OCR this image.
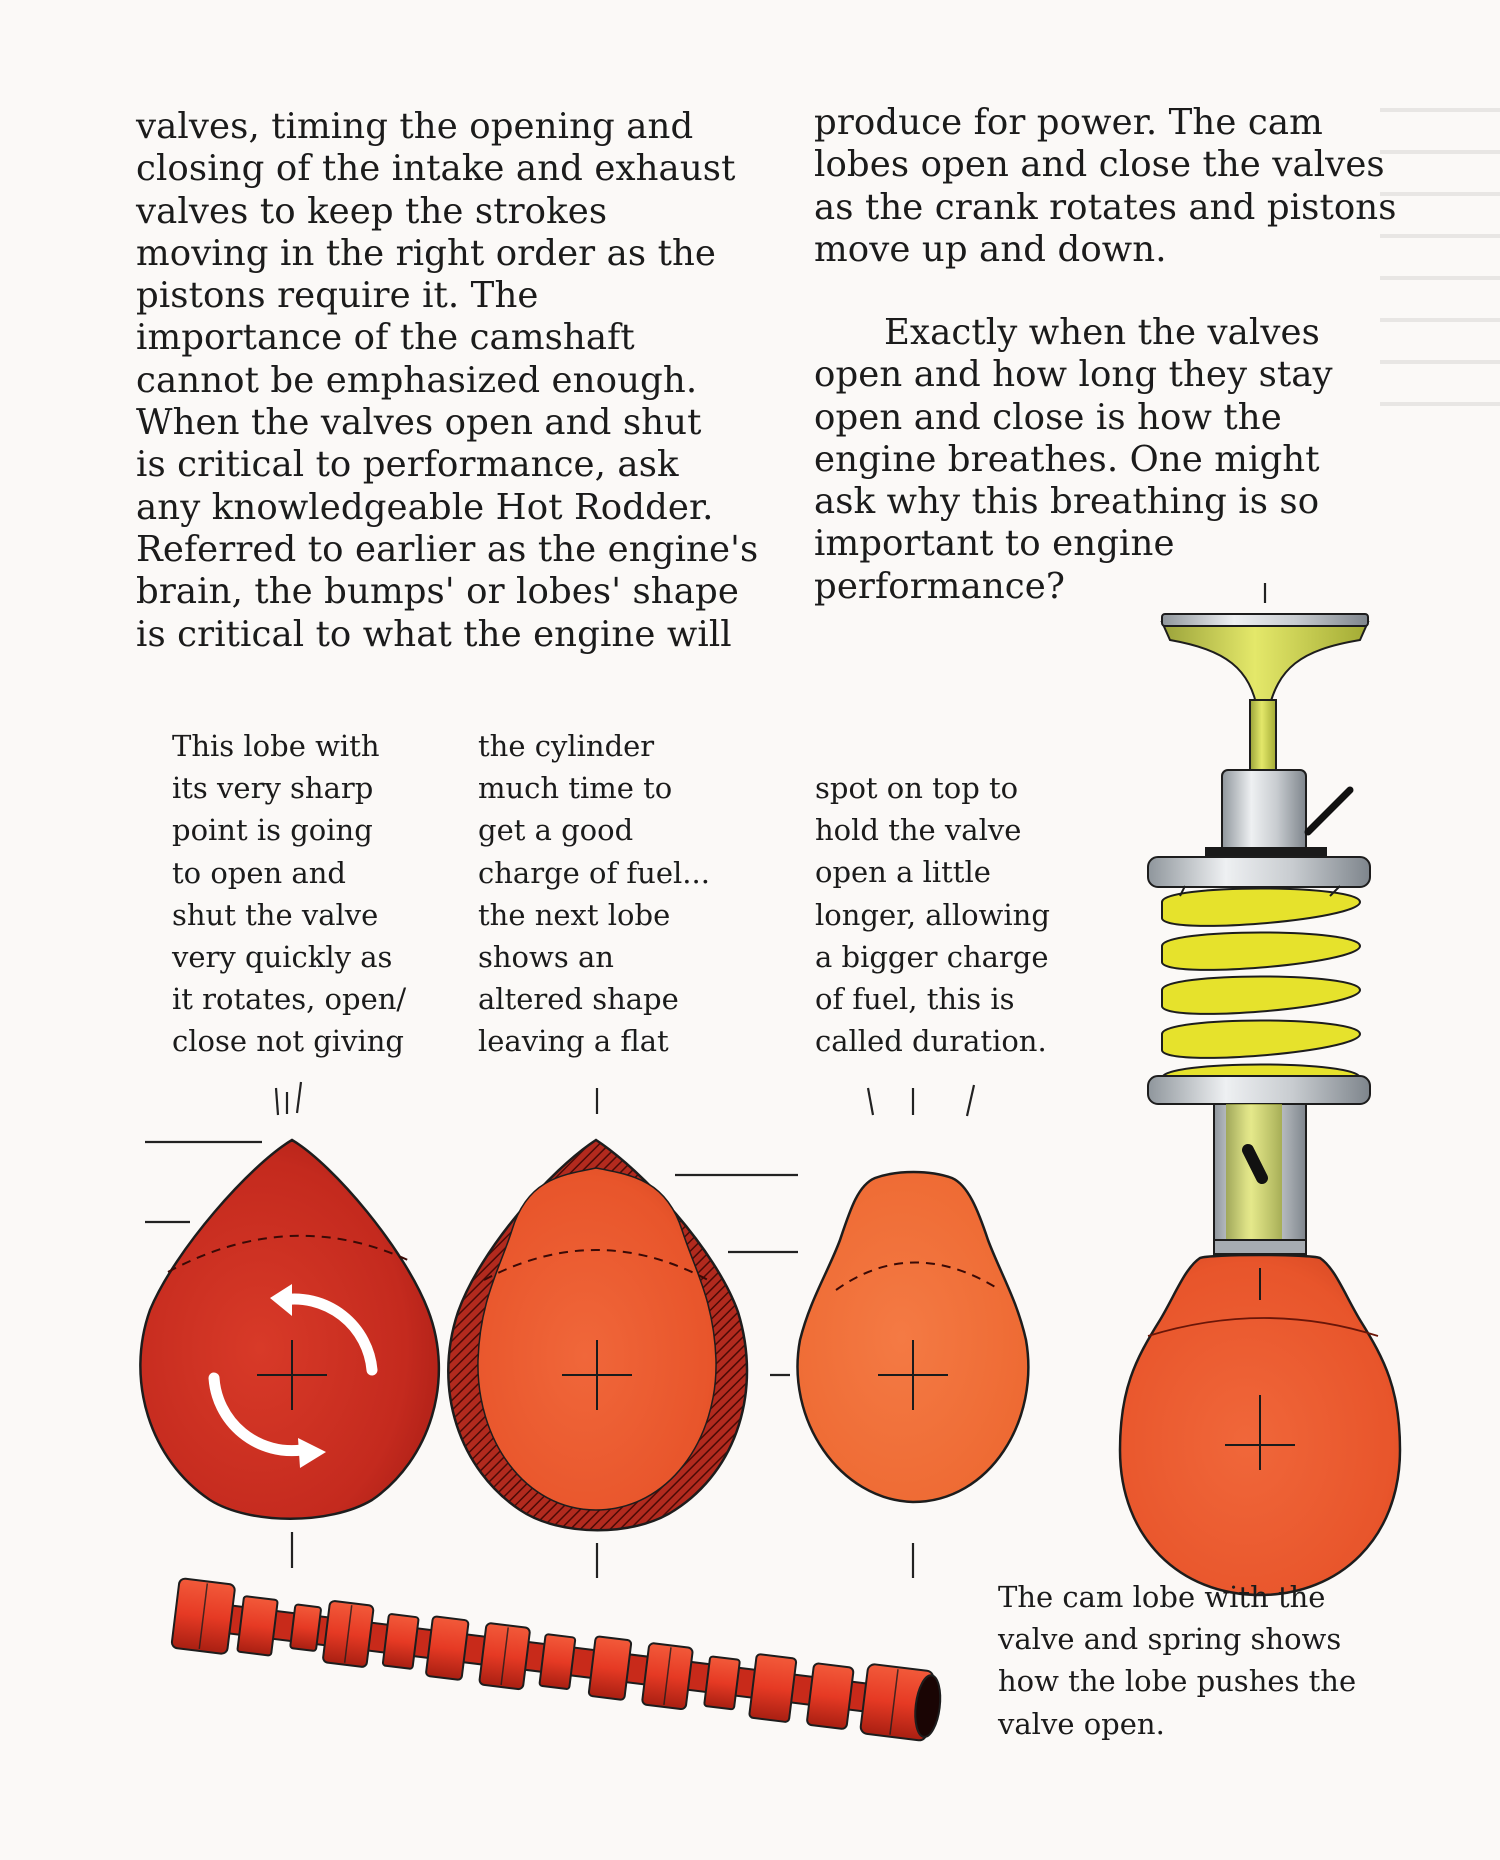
valves, timing the opening and
closing of the intake and exhaust
valves to keep the strokes
moving in the right order as the
pistons require it. The
importance of the camshaft
cannot be emphasized enough.
When the valves open and shut
is critical to performance, ask
any knowledgeable Hot Rodder.
Referred to earlier as the engine's
brain, the bumps' or lobes' shape
is critical to what the engine will
produce for power. The cam
lobes open and close the valves
as the crank rotates and pistons
move up and down.
Exactly when the valves
open and how long they stay
open and close is how the
engine breathes. One might
ask why this breathing is so
important to engine
performance?
This lobe with
its very sharp
point is going
to open and
shut the valve
very quickly as
it rotates, open/
close not giving
the cylinder
much time to
get a good
charge of fuel...
the next lobe
shows an
altered shape
leaving a flat
spot on top to
hold the valve
open a little
longer, allowing
a bigger charge
of fuel, this is
called duration.
The cam lobe with the
valve and spring shows
how the lobe pushes the
valve open.
